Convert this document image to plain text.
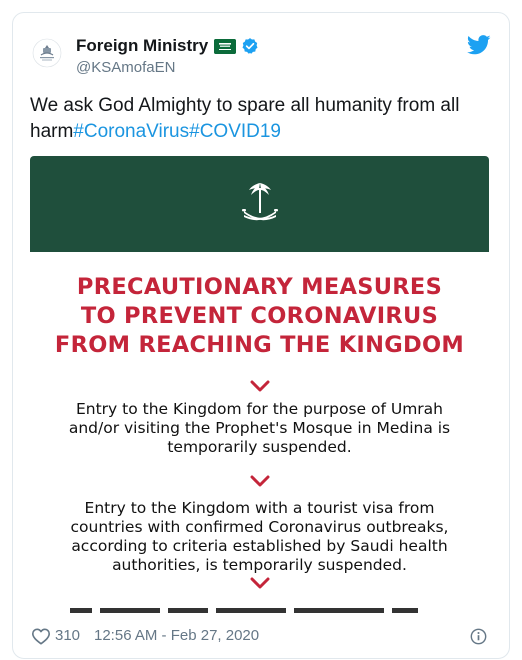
Foreign Ministry
@KSAmofaEN
We ask God Almighty to spare all humanity from all harm#CoronaVirus#COVID19
PRECAUTIONARY MEASURES
TO PREVENT CORONAVIRUS
FROM REACHING THE KINGDOM
Entry to the Kingdom for the purpose of Umrah
and/or visiting the Prophet's Mosque in Medina is
temporarily suspended.
Entry to the Kingdom with a tourist visa from
countries with confirmed Coronavirus outbreaks,
according to criteria established by Saudi health
authorities, is temporarily suspended.
310 12:56 AM - Feb 27, 2020
